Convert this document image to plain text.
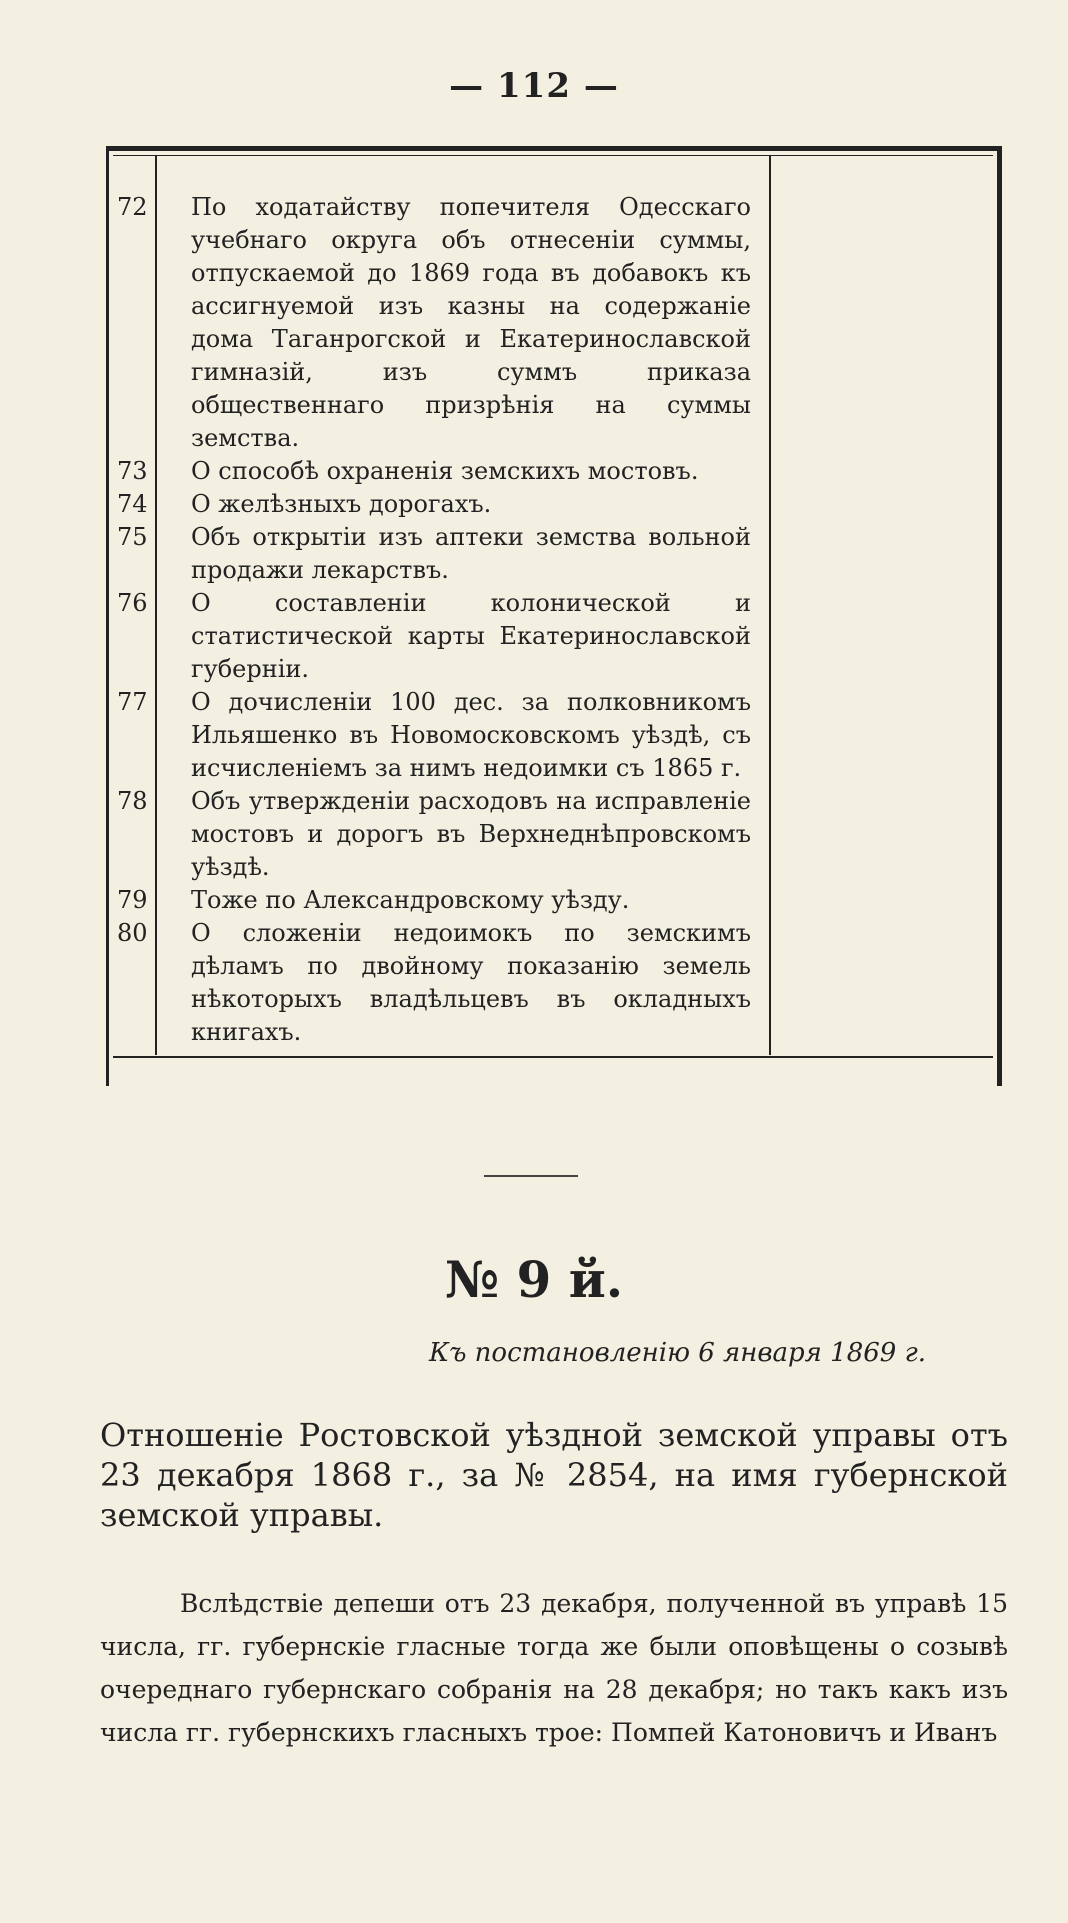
— 112 —
72	По ходатайству попечителя Одесскаго учебнаго округа объ отнесеніи суммы, отпускаемой до 1869 года въ добавокъ къ ассигнуемой изъ казны на содержаніе дома Таганрогской и Екатеринославской гимназій, изъ суммъ приказа общественнаго призрѣнія на суммы земства.
73	О способѣ охраненія земскихъ мостовъ.
74	О желѣзныхъ дорогахъ.
75	Объ открытіи изъ аптеки земства вольной продажи лекарствъ.
76	О составленіи колонической и статистической карты Екатеринославской губерніи.
77	О дочисленіи 100 дес. за полковникомъ Ильяшенко въ Новомосковскомъ уѣздѣ, съ исчисленіемъ за нимъ недоимки съ 1865 г.
78	Объ утвержденіи расходовъ на исправленіе мостовъ и дорогъ въ Верхнеднѣпровскомъ уѣздѣ.
79	Тоже по Александровскому уѣзду.
80	О сложеніи недоимокъ по земскимъ дѣламъ по двойному показанію земель нѣкоторыхъ владѣльцевъ въ окладныхъ книгахъ.
№ 9 й.
Къ постановленію 6 января 1869 г.
Отношеніе Ростовской уѣздной земской управы отъ 23 декабря 1868 г., за № 2854, на имя губернской земской управы.
Вслѣдствіе депеши отъ 23 декабря, полученной въ управѣ 15 числа, гг. губернскіе гласные тогда же были оповѣщены о созывѣ очереднаго губернскаго собранія на 28 декабря; но такъ какъ изъ числа гг. губернскихъ гласныхъ трое: Помпей Катоновичъ и Иванъ
